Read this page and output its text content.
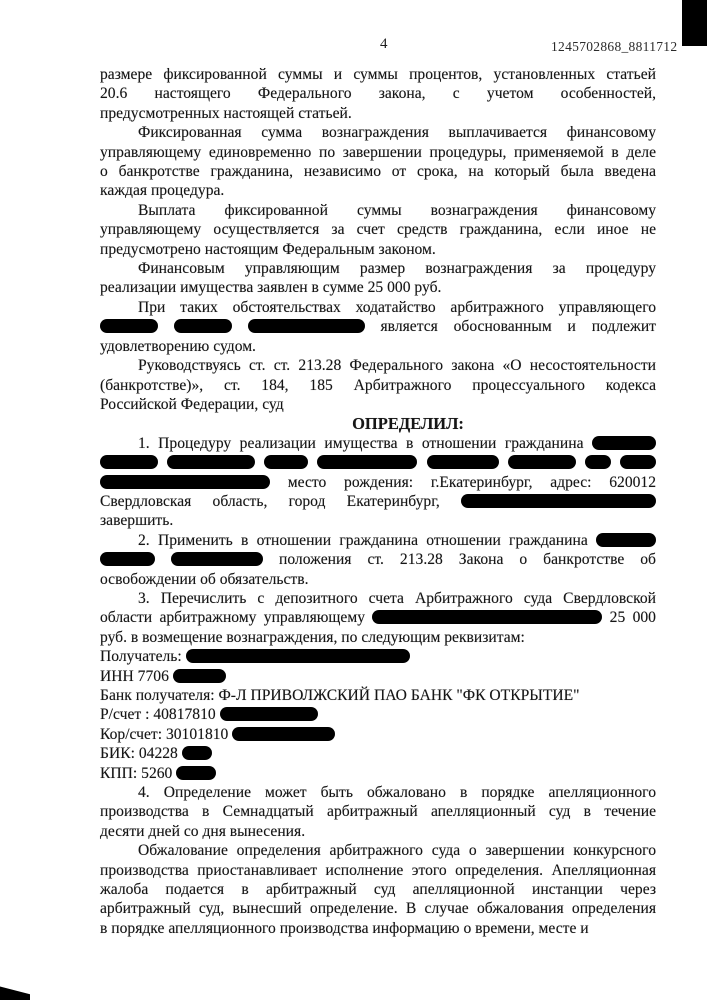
4	1245702868_8811712
размере фиксированной суммы и суммы процентов, установленных статьей
20.6 настоящего Федерального закона, с учетом особенностей,
предусмотренных настоящей статьей.
Фиксированная сумма вознаграждения выплачивается финансовому
управляющему единовременно по завершении процедуры, применяемой в деле
о банкротстве гражданина, независимо от срока, на который была введена
каждая процедура.
Выплата фиксированной суммы вознаграждения финансовому
управляющему осуществляется за счет средств гражданина, если иное не
предусмотрено настоящим Федеральным законом.
Финансовым управляющим размер вознаграждения за процедуру
реализации имущества заявлен в сумме 25 000 руб.
При таких обстоятельствах ходатайство арбитражного управляющего
является обоснованным и подлежит
удовлетворению судом.
Руководствуясь ст. ст. 213.28 Федерального закона «О несостоятельности
(банкротстве)», ст. 184, 185 Арбитражного процессуального кодекса
Российской Федерации, суд
ОПРЕДЕЛИЛ:
1. Процедуру реализации имущества в отношении гражданина

место рождения: г.Екатеринбург, адрес: 620012
Свердловская область, город Екатеринбург,
завершить.
2. Применить в отношении гражданина отношении гражданина
положения ст. 213.28 Закона о банкротстве об
освобождении об обязательств.
3. Перечислить с депозитного счета Арбитражного суда Свердловской
области арбитражному управляющему	25 000
руб. в возмещение вознаграждения, по следующим реквизитам:
Получатель:
ИНН 7706
Банк получателя: Ф-Л ПРИВОЛЖСКИЙ ПАО БАНК "ФК ОТКРЫТИЕ"
Р/счет : 40817810
Кор/счет: 30101810
БИК: 04228
КПП: 5260
4. Определение может быть обжаловано в порядке апелляционного
производства в Семнадцатый арбитражный апелляционный суд в течение
десяти дней со дня вынесения.
Обжалование определения арбитражного суда о завершении конкурсного
производства приостанавливает исполнение этого определения. Апелляционная
жалоба подается в арбитражный суд апелляционной инстанции через
арбитражный суд, вынесший определение. В случае обжалования определения
в порядке апелляционного производства информацию о времени, месте и
